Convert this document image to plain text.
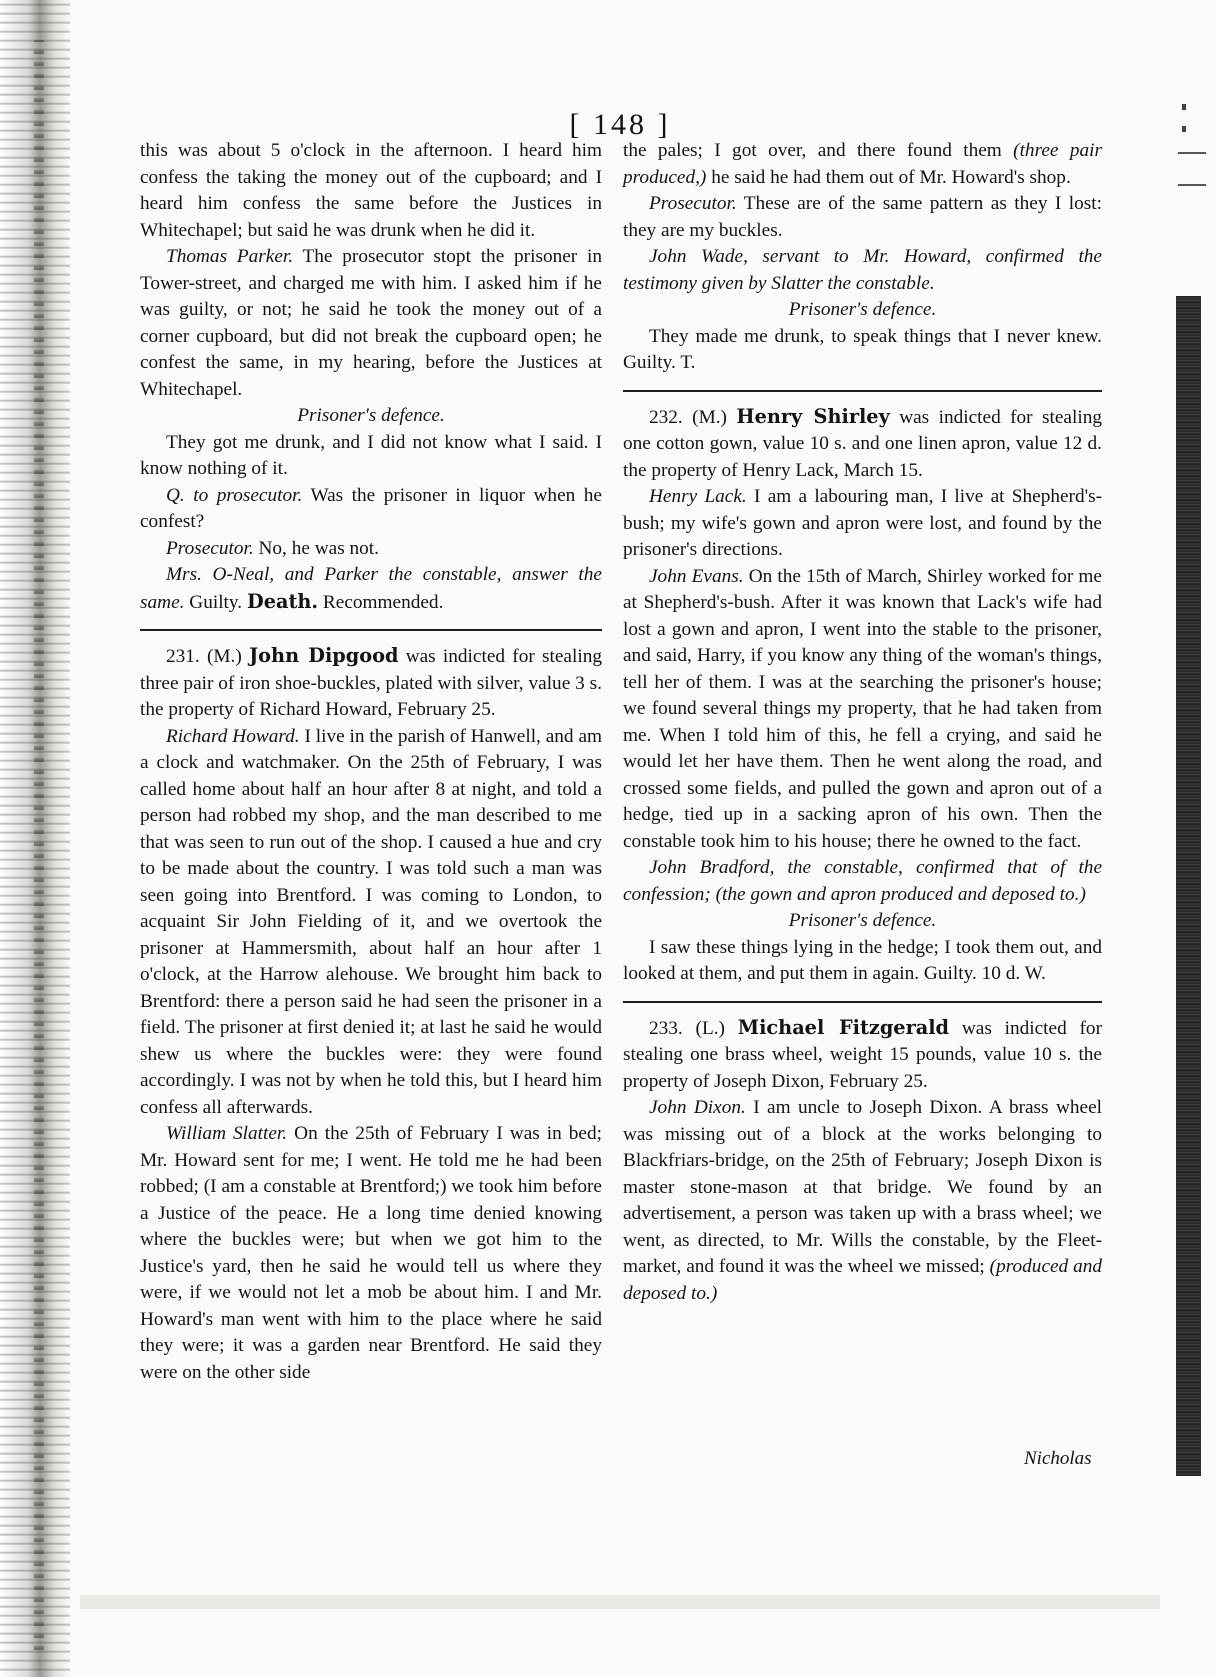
[ 148 ]

this was about 5 o'clock in the afternoon. I heard him confess the taking the money out of the cupboard; and I heard him confess the same before the Justices in Whitechapel; but said he was drunk when he did it.

Thomas Parker. The prosecutor stopt the prisoner in Tower-street, and charged me with him. I asked him if he was guilty, or not; he said he took the money out of a corner cupboard, but did not break the cupboard open; he confest the same, in my hearing, before the Justices at Whitechapel.

Prisoner's defence.

They got me drunk, and I did not know what I said. I know nothing of it.

Q. to prosecutor. Was the prisoner in liquor when he confest?

Prosecutor. No, he was not.

Mrs. O-Neal, and Parker the constable, answer the same. Guilty. Death. Recommended.

231. (M.) John Dipgood was indicted for stealing three pair of iron shoe-buckles, plated with silver, value 3 s. the property of Richard Howard, February 25.

Richard Howard. I live in the parish of Hanwell, and am a clock and watchmaker. On the 25th of February, I was called home about half an hour after 8 at night, and told a person had robbed my shop, and the man described to me that was seen to run out of the shop. I caused a hue and cry to be made about the country. I was told such a man was seen going into Brentford. I was coming to London, to acquaint Sir John Fielding of it, and we overtook the prisoner at Hammersmith, about half an hour after 1 o'clock, at the Harrow alehouse. We brought him back to Brentford: there a person said he had seen the prisoner in a field. The prisoner at first denied it; at last he said he would shew us where the buckles were: they were found accordingly. I was not by when he told this, but I heard him confess all afterwards.

William Slatter. On the 25th of February I was in bed; Mr. Howard sent for me; I went. He told me he had been robbed; (I am a constable at Brentford;) we took him before a Justice of the peace. He a long time denied knowing where the buckles were; but when we got him to the Justice's yard, then he said he would tell us where they were, if we would not let a mob be about him. I and Mr. Howard's man went with him to the place where he said they were; it was a garden near Brentford. He said they were on the other side

the pales; I got over, and there found them (three pair produced,) he said he had them out of Mr. Howard's shop.

Prosecutor. These are of the same pattern as they I lost: they are my buckles.

John Wade, servant to Mr. Howard, confirmed the testimony given by Slatter the constable.

Prisoner's defence.

They made me drunk, to speak things that I never knew. Guilty. T.

232. (M.) Henry Shirley was indicted for stealing one cotton gown, value 10 s. and one linen apron, value 12 d. the property of Henry Lack, March 15.

Henry Lack. I am a labouring man, I live at Shepherd's-bush; my wife's gown and apron were lost, and found by the prisoner's directions.

John Evans. On the 15th of March, Shirley worked for me at Shepherd's-bush. After it was known that Lack's wife had lost a gown and apron, I went into the stable to the prisoner, and said, Harry, if you know any thing of the woman's things, tell her of them. I was at the searching the prisoner's house; we found several things my property, that he had taken from me. When I told him of this, he fell a crying, and said he would let her have them. Then he went along the road, and crossed some fields, and pulled the gown and apron out of a hedge, tied up in a sacking apron of his own. Then the constable took him to his house; there he owned to the fact.

John Bradford, the constable, confirmed that of the confession; (the gown and apron produced and deposed to.)

Prisoner's defence.

I saw these things lying in the hedge; I took them out, and looked at them, and put them in again. Guilty. 10 d. W.

233. (L.) Michael Fitzgerald was indicted for stealing one brass wheel, weight 15 pounds, value 10 s. the property of Joseph Dixon, February 25.

John Dixon. I am uncle to Joseph Dixon. A brass wheel was missing out of a block at the works belonging to Blackfriars-bridge, on the 25th of February; Joseph Dixon is master stone-mason at that bridge. We found by an advertisement, a person was taken up with a brass wheel; we went, as directed, to Mr. Wills the constable, by the Fleet-market, and found it was the wheel we missed; (produced and deposed to.)

Nicholas
